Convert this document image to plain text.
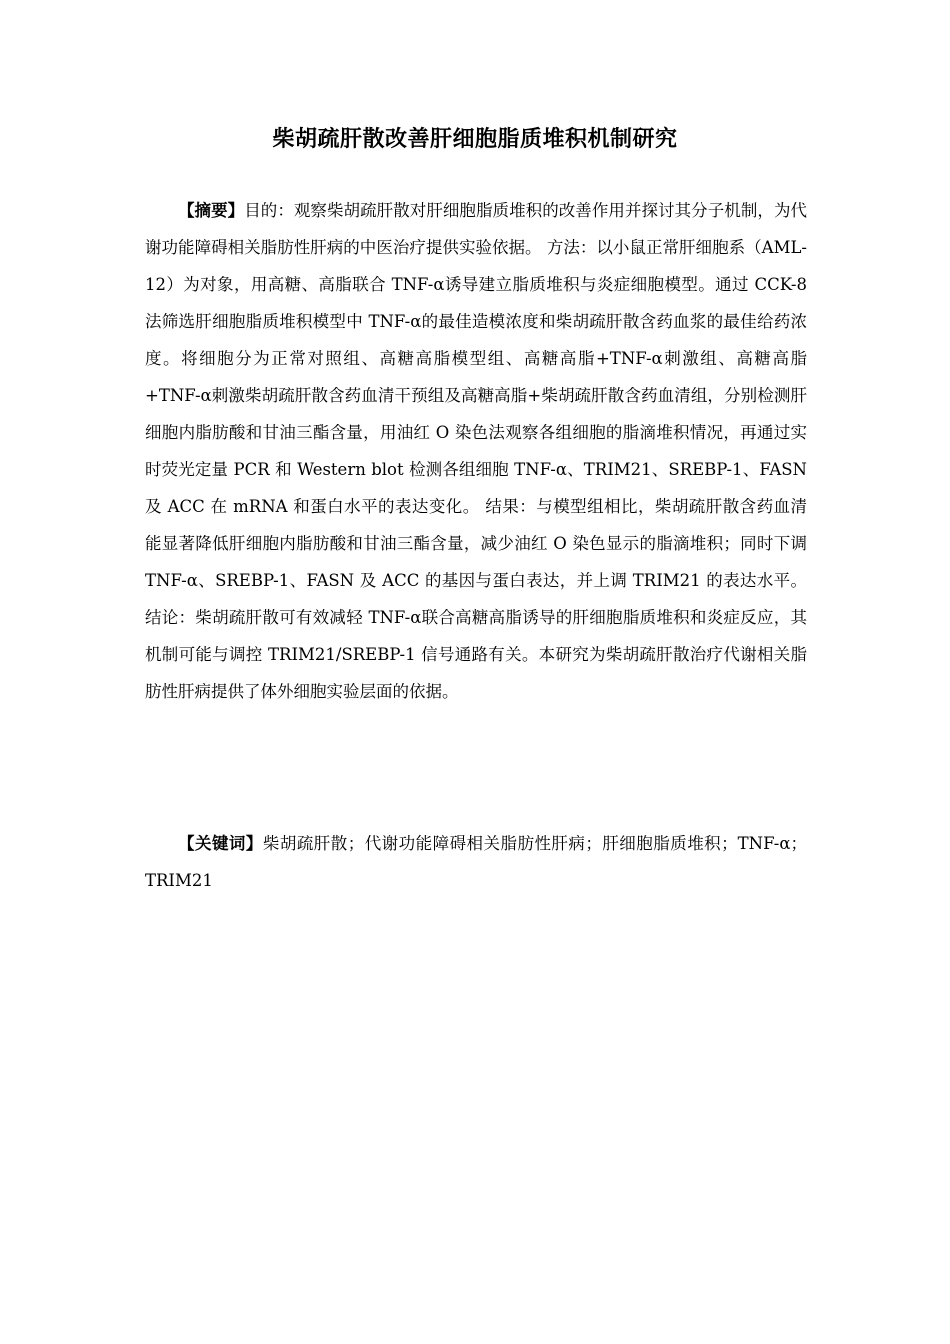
柴胡疏肝散改善肝细胞脂质堆积机制研究

【摘要】目的：观察柴胡疏肝散对肝细胞脂质堆积的改善作用并探讨其分子机制，为代谢功能障碍相关脂肪性肝病的中医治疗提供实验依据。 方法：以小鼠正常肝细胞系（AML-12）为对象，用高糖、高脂联合 TNF-α诱导建立脂质堆积与炎症细胞模型。通过 CCK-8 法筛选肝细胞脂质堆积模型中 TNF-α的最佳造模浓度和柴胡疏肝散含药血浆的最佳给药浓度。将细胞分为正常对照组、高糖高脂模型组、高糖高脂+TNF-α刺激组、高糖高脂+TNF-α刺激柴胡疏肝散含药血清干预组及高糖高脂+柴胡疏肝散含药血清组，分别检测肝细胞内脂肪酸和甘油三酯含量，用油红 O 染色法观察各组细胞的脂滴堆积情况，再通过实时荧光定量 PCR 和 Western blot 检测各组细胞 TNF-α、TRIM21、SREBP-1、FASN 及 ACC 在 mRNA 和蛋白水平的表达变化。 结果：与模型组相比，柴胡疏肝散含药血清能显著降低肝细胞内脂肪酸和甘油三酯含量，减少油红 O 染色显示的脂滴堆积；同时下调 TNF-α、SREBP-1、FASN 及 ACC 的基因与蛋白表达，并上调 TRIM21 的表达水平。 结论：柴胡疏肝散可有效减轻 TNF-α联合高糖高脂诱导的肝细胞脂质堆积和炎症反应，其机制可能与调控 TRIM21/SREBP-1 信号通路有关。本研究为柴胡疏肝散治疗代谢相关脂肪性肝病提供了体外细胞实验层面的依据。

【关键词】柴胡疏肝散；代谢功能障碍相关脂肪性肝病；肝细胞脂质堆积；TNF-α；TRIM21
